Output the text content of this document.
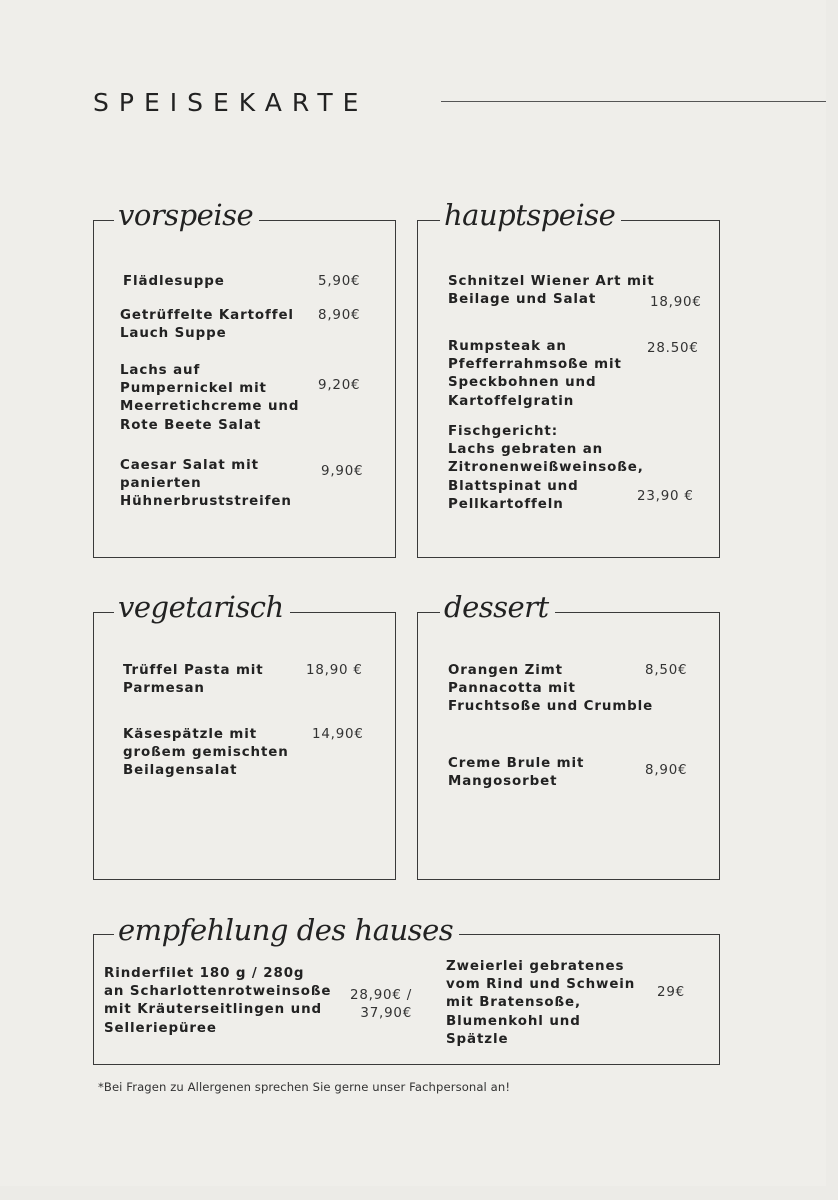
SPEISEKARTE
vorspeise
Flädlesuppe	5,90€
Getrüffelte Kartoffel
Lauch Suppe
8,90€
Lachs auf
Pumpernickel mit
Meerretichcreme und
Rote Beete Salat
9,20€
Caesar Salat mit
panierten
Hühnerbruststreifen
9,90€
hauptspeise
Schnitzel Wiener Art mit
Beilage und Salat	18,90€
Rumpsteak an
Pfefferrahmsoße mit
Speckbohnen und
Kartoffelgratin
28.50€
Fischgericht:
Lachs gebraten an
Zitronenweißweinsoße,
Blattspinat und
Pellkartoffeln
23,90 €
vegetarisch
Trüffel Pasta mit
Parmesan
18,90 €
Käsespätzle mit
großem gemischten
Beilagensalat
14,90€
dessert
Orangen Zimt
Pannacotta mit
Fruchtsoße und Crumble
8,50€
Creme Brule mit
Mangosorbet
8,90€
empfehlung des hauses
Rinderfilet 180 g / 280g
an Scharlottenrotweinsoße
mit Kräuterseitlingen und
Selleriepüree
28,90€ /
37,90€
Zweierlei gebratenes
vom Rind und Schwein
mit Bratensoße,
Blumenkohl und
Spätzle
29€
*Bei Fragen zu Allergenen sprechen Sie gerne unser Fachpersonal an!
